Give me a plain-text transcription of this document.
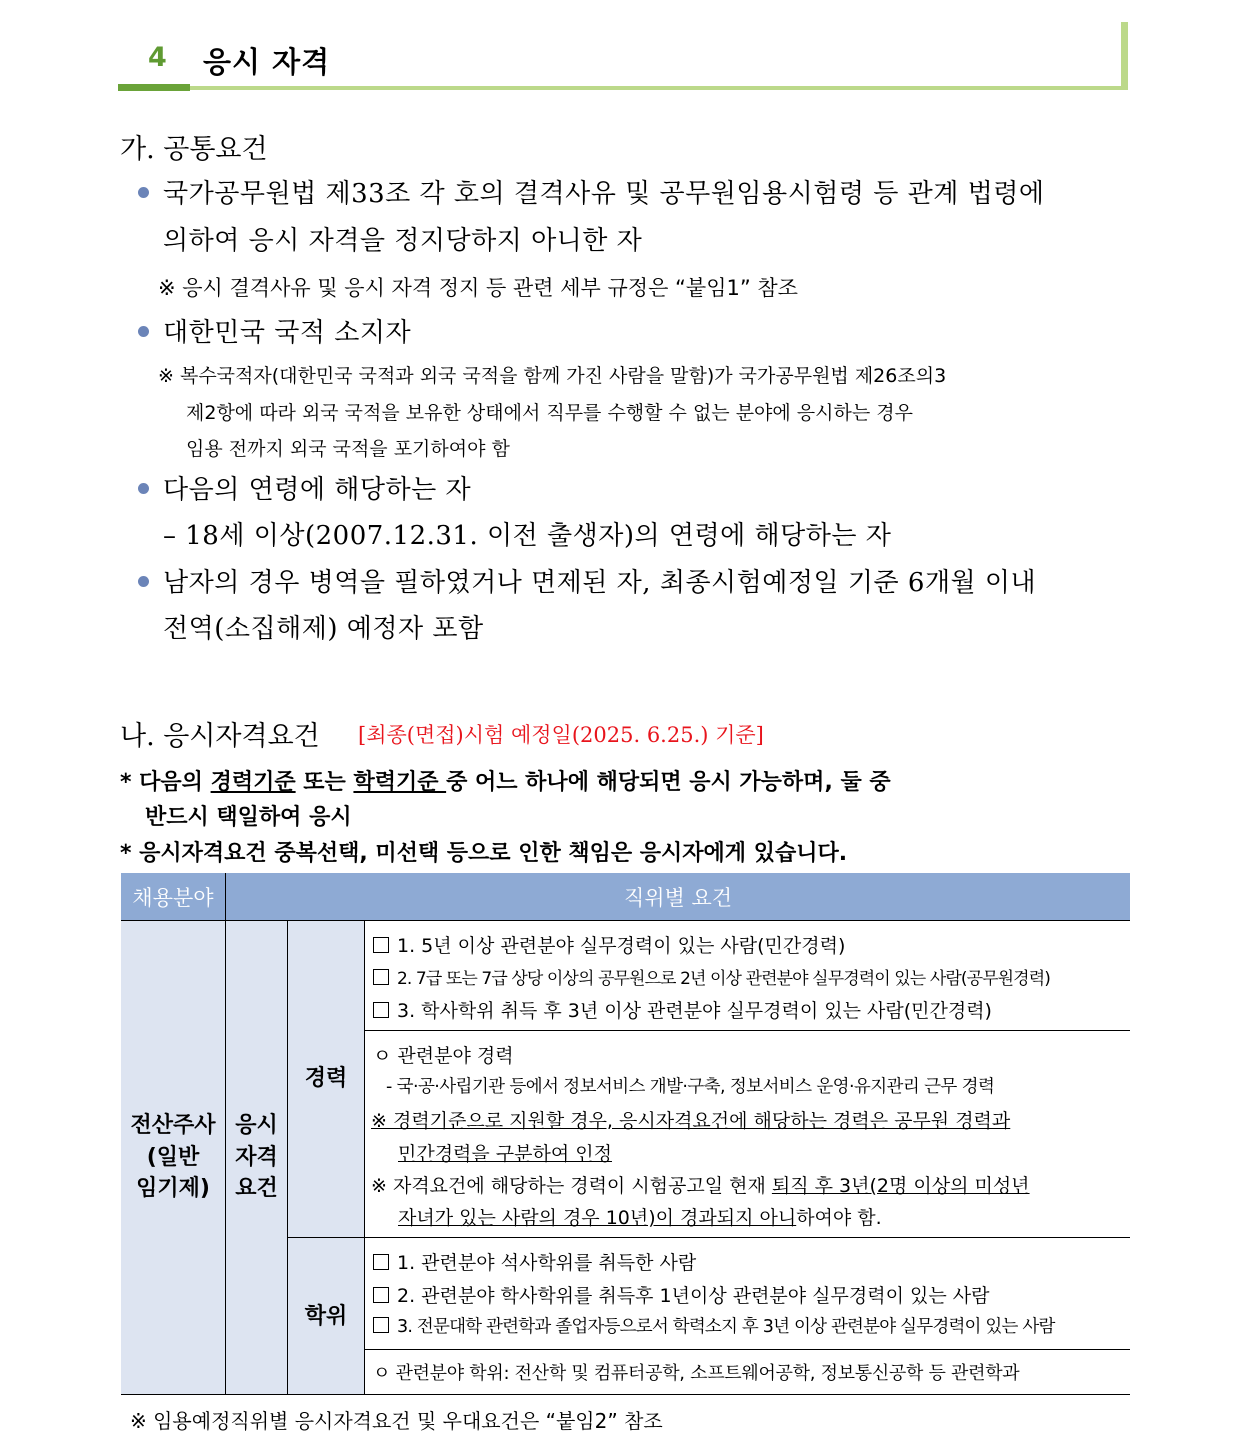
4 응시 자격
가. 공통요건
국가공무원법 제33조 각 호의 결격사유 및 공무원임용시험령 등 관계 법령에
의하여 응시 자격을 정지당하지 아니한 자
※ 응시 결격사유 및 응시 자격 정지 등 관련 세부 규정은 “붙임1” 참조
대한민국 국적 소지자
※ 복수국적자(대한민국 국적과 외국 국적을 함께 가진 사람을 말함)가 국가공무원법 제26조의3
제2항에 따라 외국 국적을 보유한 상태에서 직무를 수행할 수 없는 분야에 응시하는 경우
임용 전까지 외국 국적을 포기하여야 함
다음의 연령에 해당하는 자
– 18세 이상(2007.12.31. 이전 출생자)의 연령에 해당하는 자
남자의 경우 병역을 필하였거나 면제된 자, 최종시험예정일 기준 6개월 이내
전역(소집해제) 예정자 포함
나. 응시자격요건 [최종(면접)시험 예정일(2025. 6.25.) 기준]
* 다음의 경력기준 또는 학력기준 중 어느 하나에 해당되면 응시 가능하며, 둘 중
반드시 택일하여 응시
* 응시자격요건 중복선택, 미선택 등으로 인한 책임은 응시자에게 있습니다.
채용분야	직위별 요건
전산주사
(일반
임기제)
응시
자격
요건
경력
학위
1. 5년 이상 관련분야 실무경력이 있는 사람(민간경력)
2. 7급 또는 7급 상당 이상의 공무원으로 2년 이상 관련분야 실무경력이 있는 사람(공무원경력)
3. 학사학위 취득 후 3년 이상 관련분야 실무경력이 있는 사람(민간경력)
ㅇ 관련분야 경력
- 국·공·사립기관 등에서 정보서비스 개발·구축, 정보서비스 운영·유지관리 근무 경력
※ 경력기준으로 지원할 경우, 응시자격요건에 해당하는 경력은 공무원 경력과
민간경력을 구분하여 인정
※ 자격요건에 해당하는 경력이 시험공고일 현재 퇴직 후 3년(2명 이상의 미성년
자녀가 있는 사람의 경우 10년)이 경과되지 아니하여야 함.
1. 관련분야 석사학위를 취득한 사람
2. 관련분야 학사학위를 취득후 1년이상 관련분야 실무경력이 있는 사람
3. 전문대학 관련학과 졸업자등으로서 학력소지 후 3년 이상 관련분야 실무경력이 있는 사람
ㅇ 관련분야 학위: 전산학 및 컴퓨터공학, 소프트웨어공학, 정보통신공학 등 관련학과
※ 임용예정직위별 응시자격요건 및 우대요건은 “붙임2” 참조
